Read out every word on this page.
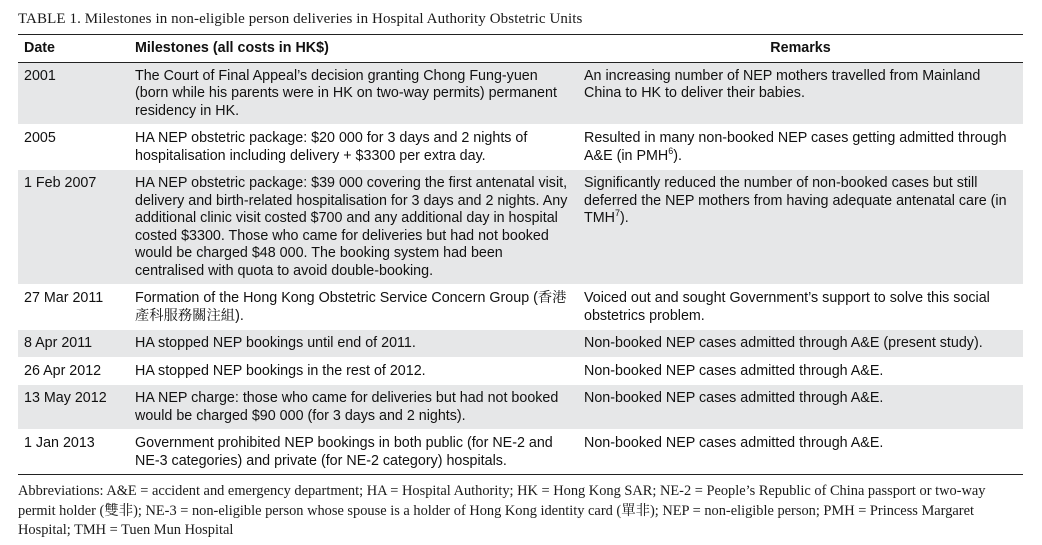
TABLE 1. Milestones in non-eligible person deliveries in Hospital Authority Obstetric Units
Date	Milestones (all costs in HK$)	Remarks
2001	The Court of Final Appeal’s decision granting Chong Fung-yuen (born while his parents were in HK on two-way permits) permanent residency in HK.	An increasing number of NEP mothers travelled from Mainland China to HK to deliver their babies.
2005	HA NEP obstetric package: $20 000 for 3 days and 2 nights of hospitalisation including delivery + $3300 per extra day.	Resulted in many non-booked NEP cases getting admitted through A&E (in PMH$^6$).
1 Feb 2007	HA NEP obstetric package: $39 000 covering the first antenatal visit, delivery and birth-related hospitalisation for 3 days and 2 nights. Any additional clinic visit costed $700 and any additional day in hospital costed $3300. Those who came for deliveries but had not booked would be charged $48 000. The booking system had been centralised with quota to avoid double-booking.	Significantly reduced the number of non-booked cases but still deferred the NEP mothers from having adequate antenatal care (in TMH$^7$).
27 Mar 2011	Formation of the Hong Kong Obstetric Service Concern Group (香港產科服務關注組).	Voiced out and sought Government’s support to solve this social obstetrics problem.
8 Apr 2011	HA stopped NEP bookings until end of 2011.	Non-booked NEP cases admitted through A&E (present study).
26 Apr 2012	HA stopped NEP bookings in the rest of 2012.	Non-booked NEP cases admitted through A&E.
13 May 2012	HA NEP charge: those who came for deliveries but had not booked would be charged $90 000 (for 3 days and 2 nights).	Non-booked NEP cases admitted through A&E.
1 Jan 2013	Government prohibited NEP bookings in both public (for NE-2 and NE-3 categories) and private (for NE-2 category) hospitals.	Non-booked NEP cases admitted through A&E.
Abbreviations: A&E = accident and emergency department; HA = Hospital Authority; HK = Hong Kong SAR; NE-2 = People’s Republic of China passport or two-way permit holder (雙非); NE-3 = non-eligible person whose spouse is a holder of Hong Kong identity card (單非); NEP = non-eligible person; PMH = Princess Margaret Hospital; TMH = Tuen Mun Hospital
